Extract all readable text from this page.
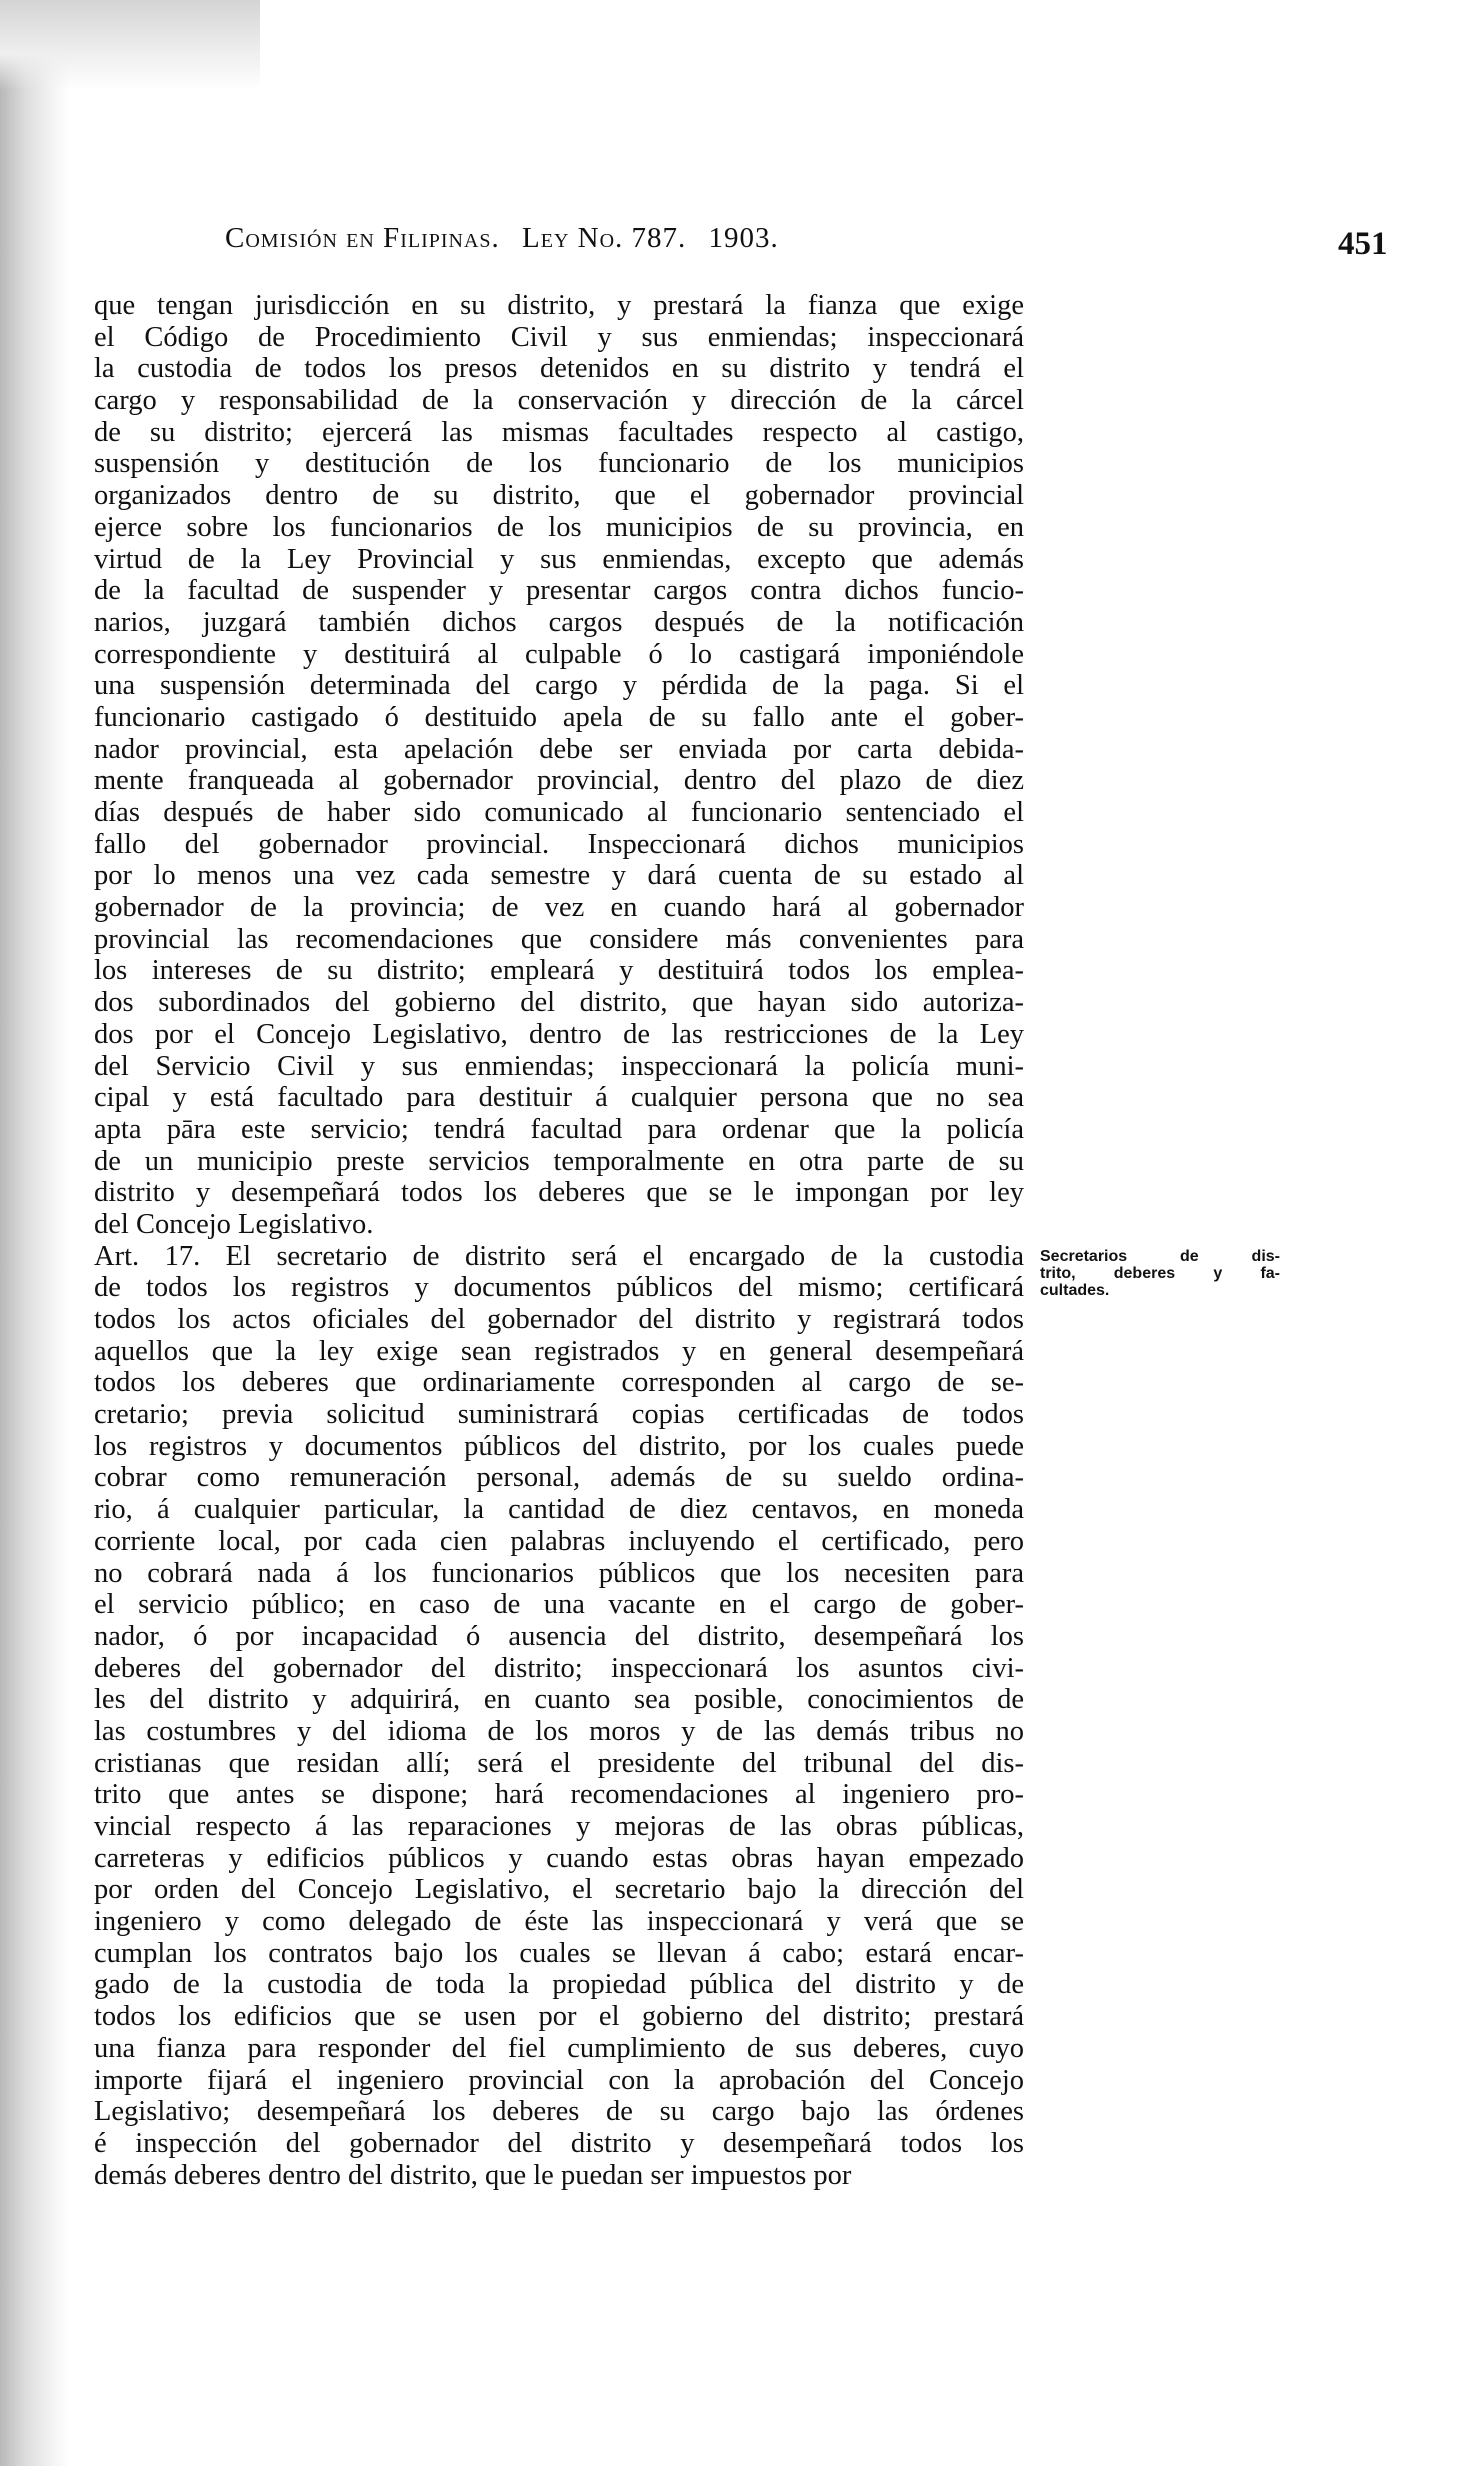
Comisión en Filipinas. Ley No. 787. 1903.	451
que tengan jurisdicción en su distrito, y prestará la fianza que exige
el Código de Procedimiento Civil y sus enmiendas; inspeccionará
la custodia de todos los presos detenidos en su distrito y tendrá el
cargo y responsabilidad de la conservación y dirección de la cárcel
de su distrito; ejercerá las mismas facultades respecto al castigo,
suspensión y destitución de los funcionario de los municipios
organizados dentro de su distrito, que el gobernador provincial
ejerce sobre los funcionarios de los municipios de su provincia, en
virtud de la Ley Provincial y sus enmiendas, excepto que además
de la facultad de suspender y presentar cargos contra dichos funcio-
narios, juzgará también dichos cargos después de la notificación
correspondiente y destituirá al culpable ó lo castigará imponiéndole
una suspensión determinada del cargo y pérdida de la paga. Si el
funcionario castigado ó destituido apela de su fallo ante el gober-
nador provincial, esta apelación debe ser enviada por carta debida-
mente franqueada al gobernador provincial, dentro del plazo de diez
días después de haber sido comunicado al funcionario sentenciado el
fallo del gobernador provincial. Inspeccionará dichos municipios
por lo menos una vez cada semestre y dará cuenta de su estado al
gobernador de la provincia; de vez en cuando hará al gobernador
provincial las recomendaciones que considere más convenientes para
los intereses de su distrito; empleará y destituirá todos los emplea-
dos subordinados del gobierno del distrito, que hayan sido autoriza-
dos por el Concejo Legislativo, dentro de las restricciones de la Ley
del Servicio Civil y sus enmiendas; inspeccionará la policía muni-
cipal y está facultado para destituir á cualquier persona que no sea
apta pāra este servicio; tendrá facultad para ordenar que la policía
de un municipio preste servicios temporalmente en otra parte de su
distrito y desempeñará todos los deberes que se le impongan por ley
del Concejo Legislativo.
Art. 17. El secretario de distrito será el encargado de la custodia
de todos los registros y documentos públicos del mismo; certificará
todos los actos oficiales del gobernador del distrito y registrará todos
aquellos que la ley exige sean registrados y en general desempeñará
todos los deberes que ordinariamente corresponden al cargo de se-
cretario; previa solicitud suministrará copias certificadas de todos
los registros y documentos públicos del distrito, por los cuales puede
cobrar como remuneración personal, además de su sueldo ordina-
rio, á cualquier particular, la cantidad de diez centavos, en moneda
corriente local, por cada cien palabras incluyendo el certificado, pero
no cobrará nada á los funcionarios públicos que los necesiten para
el servicio público; en caso de una vacante en el cargo de gober-
nador, ó por incapacidad ó ausencia del distrito, desempeñará los
deberes del gobernador del distrito; inspeccionará los asuntos civi-
les del distrito y adquirirá, en cuanto sea posible, conocimientos de
las costumbres y del idioma de los moros y de las demás tribus no
cristianas que residan allí; será el presidente del tribunal del dis-
trito que antes se dispone; hará recomendaciones al ingeniero pro-
vincial respecto á las reparaciones y mejoras de las obras públicas,
carreteras y edificios públicos y cuando estas obras hayan empezado
por orden del Concejo Legislativo, el secretario bajo la dirección del
ingeniero y como delegado de éste las inspeccionará y verá que se
cumplan los contratos bajo los cuales se llevan á cabo; estará encar-
gado de la custodia de toda la propiedad pública del distrito y de
todos los edificios que se usen por el gobierno del distrito; prestará
una fianza para responder del fiel cumplimiento de sus deberes, cuyo
importe fijará el ingeniero provincial con la aprobación del Concejo
Legislativo; desempeñará los deberes de su cargo bajo las órdenes
é inspección del gobernador del distrito y desempeñará todos los
demás deberes dentro del distrito, que le puedan ser impuestos por
Secretarios de dis-
trito, deberes y fa-
cultades.
